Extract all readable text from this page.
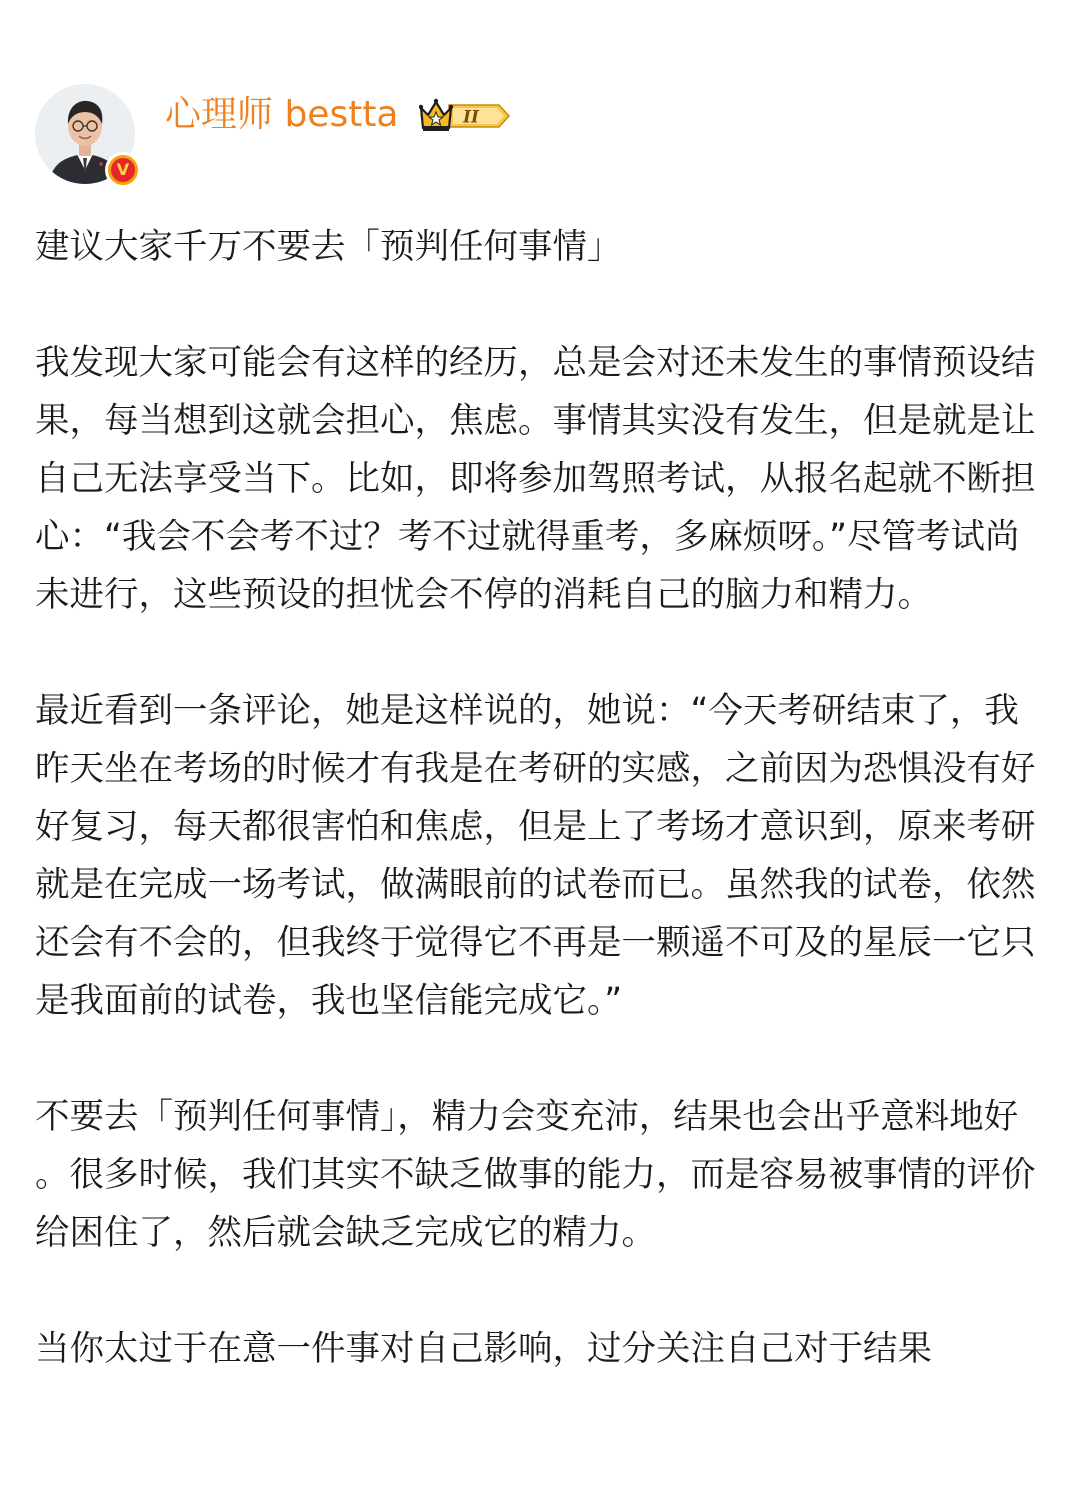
V
心理师 bestta	II

建议大家千万不要去「预判任何事情」

我发现大家可能会有这样的经历，总是会对还未发生的事情预设结果，每当想到这就会担心，焦虑。事情其实没有发生，但是就是让自己无法享受当下。比如，即将参加驾照考试，从报名起就不断担心：“我会不会考不过？考不过就得重考，多麻烦呀。”尽管考试尚未进行，这些预设的担忧会不停的消耗自己的脑力和精力。

最近看到一条评论，她是这样说的，她说：“今天考研结束了，我昨天坐在考场的时候才有我是在考研的实感，之前因为恐惧没有好好复习，每天都很害怕和焦虑，但是上了考场才意识到，原来考研就是在完成一场考试，做满眼前的试卷而已。虽然我的试卷，依然还会有不会的，但我终于觉得它不再是一颗遥不可及的星辰一它只是我面前的试卷，我也坚信能完成它。”

不要去「预判任何事情」，精力会变充沛，结果也会出乎意料地好。很多时候，我们其实不缺乏做事的能力，而是容易被事情的评价给困住了，然后就会缺乏完成它的精力。

当你太过于在意一件事对自己影响，过分关注自己对于结果
